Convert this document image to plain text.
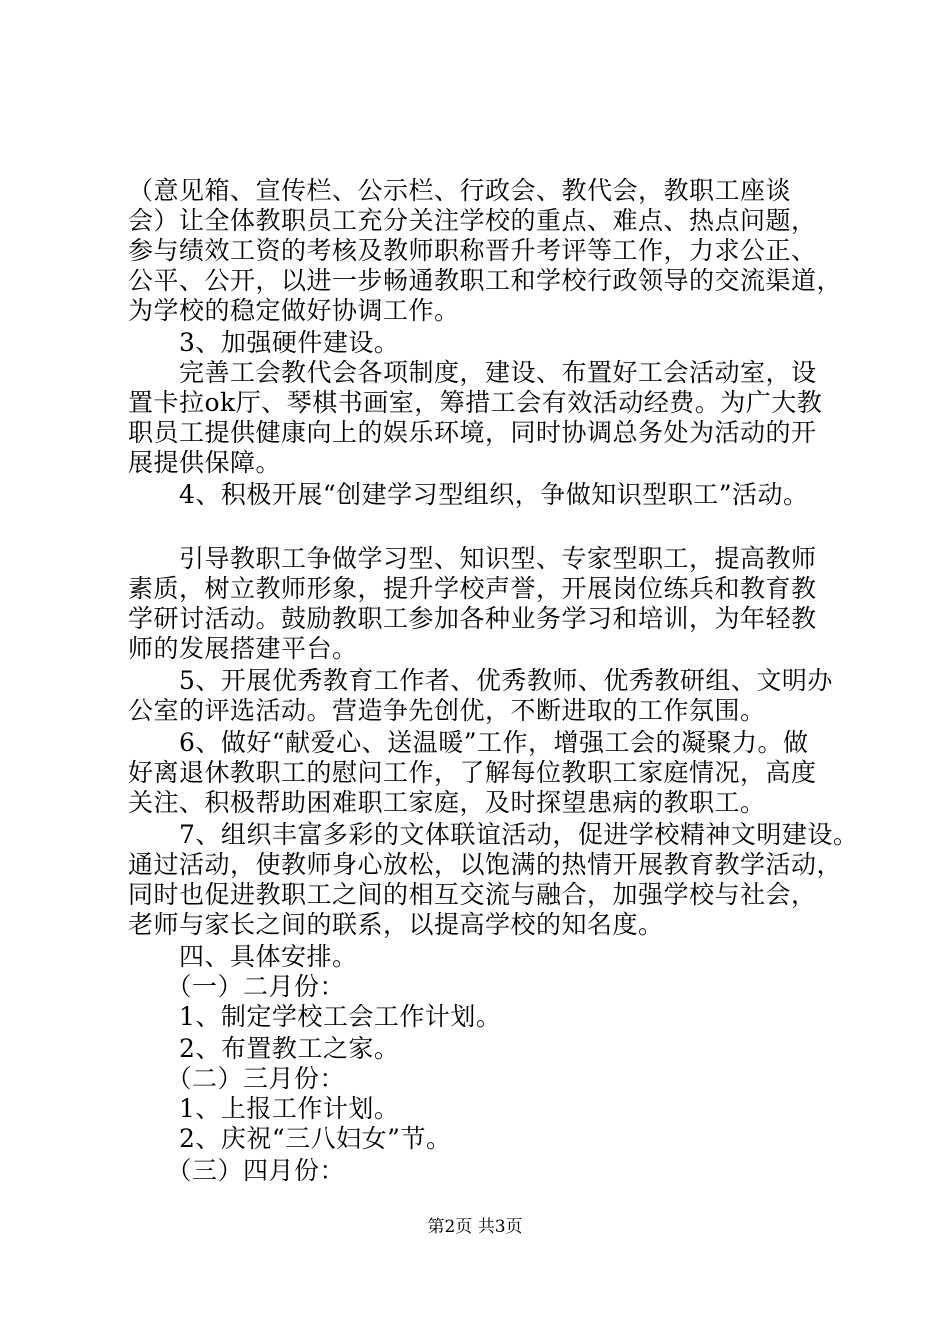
（意见箱、宣传栏、公示栏、行政会、教代会，教职工座谈
会）让全体教职员工充分关注学校的重点、难点、热点问题，
参与绩效工资的考核及教师职称晋升考评等工作，力求公正、
公平、公开，以进一步畅通教职工和学校行政领导的交流渠道，
为学校的稳定做好协调工作。
　　3、加强硬件建设。
　　完善工会教代会各项制度，建设、布置好工会活动室，设
置卡拉ok厅、琴棋书画室，筹措工会有效活动经费。为广大教
职员工提供健康向上的娱乐环境，同时协调总务处为活动的开
展提供保障。
　　4、积极开展“创建学习型组织，争做知识型职工”活动。
　　引导教职工争做学习型、知识型、专家型职工，提高教师
素质，树立教师形象，提升学校声誉，开展岗位练兵和教育教
学研讨活动。鼓励教职工参加各种业务学习和培训，为年轻教
师的发展搭建平台。
　　5、开展优秀教育工作者、优秀教师、优秀教研组、文明办
公室的评选活动。营造争先创优，不断进取的工作氛围。
　　6、做好“献爱心、送温暖”工作，增强工会的凝聚力。做
好离退休教职工的慰问工作，了解每位教职工家庭情况，高度
关注、积极帮助困难职工家庭，及时探望患病的教职工。
　　7、组织丰富多彩的文体联谊活动，促进学校精神文明建设。
通过活动，使教师身心放松，以饱满的热情开展教育教学活动，
同时也促进教职工之间的相互交流与融合，加强学校与社会，
老师与家长之间的联系，以提高学校的知名度。
　　四、具体安排。
　　（一）二月份：
　　1、制定学校工会工作计划。
　　2、布置教工之家。
　　（二）三月份：
　　1、上报工作计划。
　　2、庆祝“三八妇女”节。
　　（三）四月份：
第2页 共3页
